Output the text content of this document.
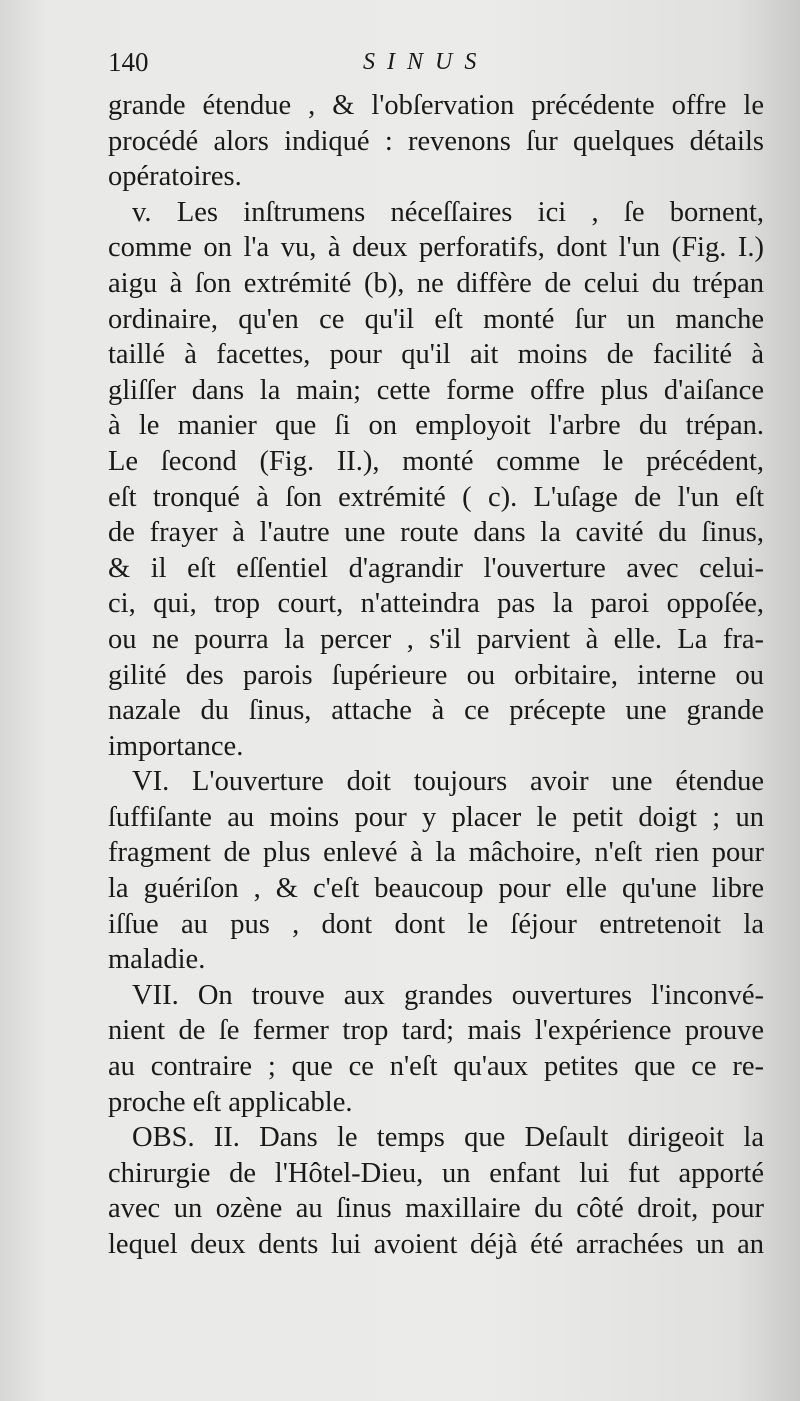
140	SINUS
grande étendue , & l'obſervation précédente offre le
procédé alors indiqué : revenons ſur quelques détails
opératoires.
v. Les inſtrumens néceſſaires ici , ſe bornent,
comme on l'a vu, à deux perforatifs, dont l'un (Fig. I.)
aigu à ſon extrémité (b), ne diffère de celui du trépan
ordinaire, qu'en ce qu'il eſt monté ſur un manche
taillé à facettes, pour qu'il ait moins de facilité à
gliſſer dans la main; cette forme offre plus d'aiſance
à le manier que ſi on employoit l'arbre du trépan.
Le ſecond (Fig. II.), monté comme le précédent,
eſt tronqué à ſon extrémité ( c). L'uſage de l'un eſt
de frayer à l'autre une route dans la cavité du ſinus,
& il eſt eſſentiel d'agrandir l'ouverture avec celui-
ci, qui, trop court, n'atteindra pas la paroi oppoſée,
ou ne pourra la percer , s'il parvient à elle. La fra-
gilité des parois ſupérieure ou orbitaire, interne ou
nazale du ſinus, attache à ce précepte une grande
importance.
VI. L'ouverture doit toujours avoir une étendue
ſuffiſante au moins pour y placer le petit doigt ; un
fragment de plus enlevé à la mâchoire, n'eſt rien pour
la guériſon , & c'eſt beaucoup pour elle qu'une libre
iſſue au pus , dont dont le ſéjour entretenoit la
maladie.
VII. On trouve aux grandes ouvertures l'inconvé-
nient de ſe fermer trop tard; mais l'expérience prouve
au contraire ; que ce n'eſt qu'aux petites que ce re-
proche eſt applicable.
OBS. II. Dans le temps que Deſault dirigeoit la
chirurgie de l'Hôtel-Dieu, un enfant lui fut apporté
avec un ozène au ſinus maxillaire du côté droit, pour
lequel deux dents lui avoient déjà été arrachées un an
